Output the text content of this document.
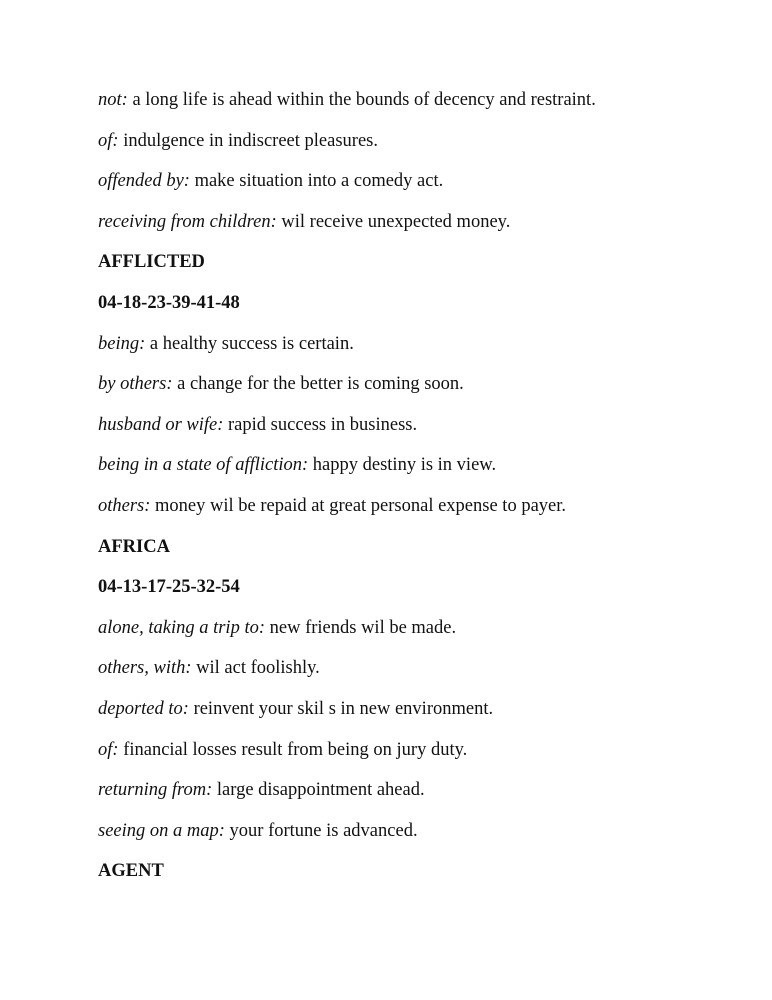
not: a long life is ahead within the bounds of decency and restraint.

of: indulgence in indiscreet pleasures.

offended by: make situation into a comedy act.

receiving from children: wil receive unexpected money.

AFFLICTED

04-18-23-39-41-48

being: a healthy success is certain.

by others: a change for the better is coming soon.

husband or wife: rapid success in business.

being in a state of affliction: happy destiny is in view.

others: money wil be repaid at great personal expense to payer.

AFRICA

04-13-17-25-32-54

alone, taking a trip to: new friends wil be made.

others, with: wil act foolishly.

deported to: reinvent your skil s in new environment.

of: financial losses result from being on jury duty.

returning from: large disappointment ahead.

seeing on a map: your fortune is advanced.

AGENT
